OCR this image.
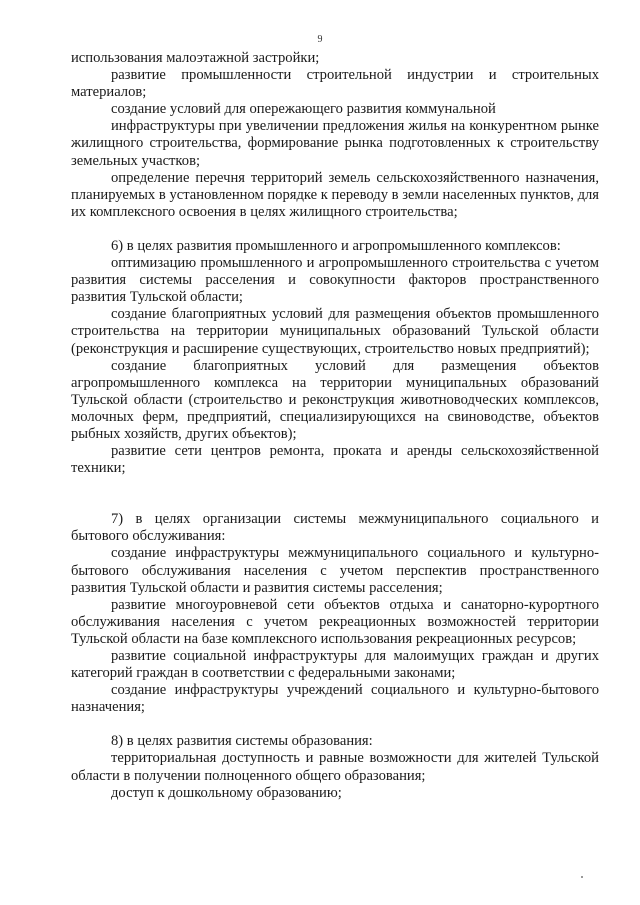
9

использования малоэтажной застройки;

развитие промышленности строительной индустрии и строительных материалов;

создание условий для опережающего развития коммунальной

инфраструктуры при увеличении предложения жилья на конкурентном рынке жилищного строительства, формирование рынка подготовленных к строительству земельных участков;

определение перечня территорий земель сельскохозяйственного назначения, планируемых в установленном порядке к переводу в земли населенных пунктов, для их комплексного освоения в целях жилищного строительства;

6) в целях развития промышленного и агропромышленного комплексов:

оптимизацию промышленного и агропромышленного строительства с учетом развития системы расселения и совокупности факторов пространственного развития Тульской области;

создание благоприятных условий для размещения объектов промышленного строительства на территории муниципальных образований Тульской области (реконструкция и расширение существующих, строительство новых предприятий);

создание благоприятных условий для размещения объектов агропромышленного комплекса на территории муниципальных образований Тульской области (строительство и реконструкция животноводческих комплексов, молочных ферм, предприятий, специализирующихся на свиноводстве, объектов рыбных хозяйств, других объектов);

развитие сети центров ремонта, проката и аренды сельскохозяйственной техники;

7) в целях организации системы межмуниципального социального и бытового обслуживания:

создание инфраструктуры межмуниципального социального и культурно-бытового обслуживания населения с учетом перспектив пространственного развития Тульской области и развития системы расселения;

развитие многоуровневой сети объектов отдыха и санаторно-курортного обслуживания населения с учетом рекреационных возможностей территории Тульской области на базе комплексного использования рекреационных ресурсов;

развитие социальной инфраструктуры для малоимущих граждан и других категорий граждан в соответствии с федеральными законами;

создание инфраструктуры учреждений социального и культурно-бытового назначения;

8) в целях развития системы образования:

территориальная доступность и равные возможности для жителей Тульской области в получении полноценного общего образования;

доступ к дошкольному образованию;
